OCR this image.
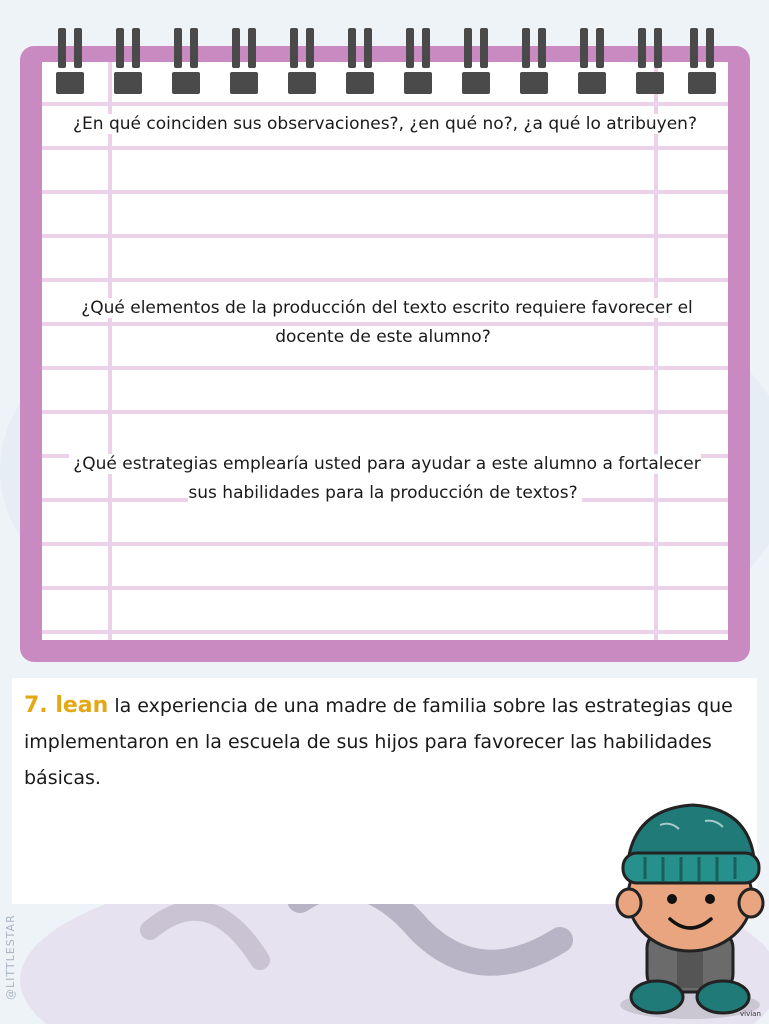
¿En qué coinciden sus observaciones?, ¿en qué no?, ¿a qué lo atribuyen?

¿Qué elementos de la producción del texto escrito requiere favorecer el docente de este alumno?

¿Qué estrategias emplearía usted para ayudar a este alumno a fortalecer sus habilidades para la producción de textos?

7. lean la experiencia de una madre de familia sobre las estrategias que implementaron en la escuela de sus hijos para favorecer las habilidades básicas.

@LITTLESTAR
vivian
